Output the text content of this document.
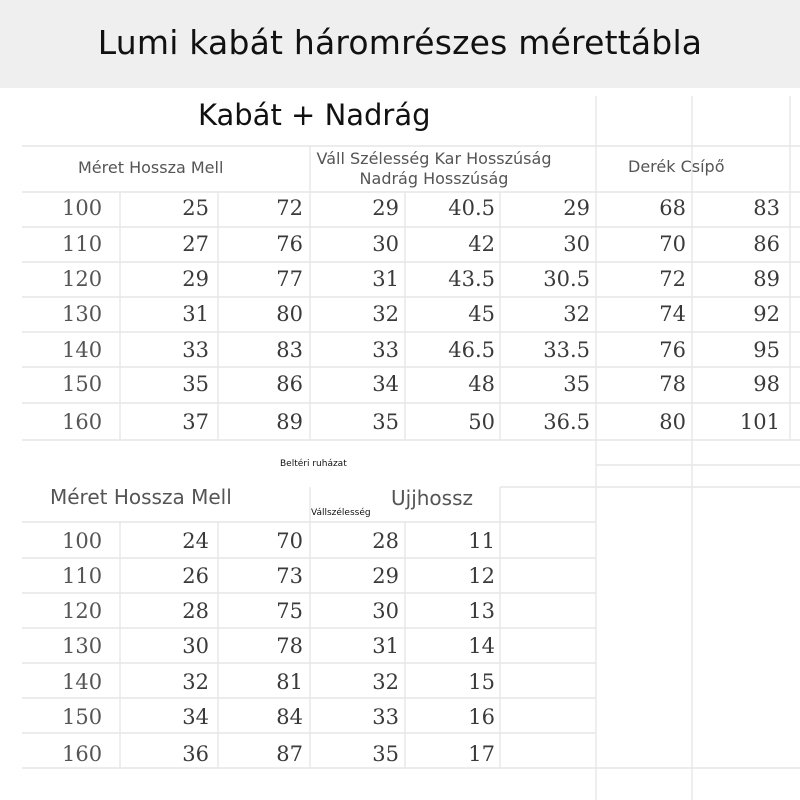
Lumi kabát háromrészes mérettábla
Kabát + Nadrág
Méret Hossza Mell	Váll Szélesség Kar Hosszúság
Nadrág Hosszúság
Derék Csípő
100	25	72	29	40.5	29	68	83
110	27	76	30	42	30	70	86
120	29	77	31	43.5	30.5	72	89
130	31	80	32	45	32	74	92
140	33	83	33	46.5	33.5	76	95
150	35	86	34	48	35	78	98
160	37	89	35	50	36.5	80	101
Beltéri ruházat
Méret Hossza Mell
Vállszélesség
Ujjhossz
100	24	70	28	11
110	26	73	29	12
120	28	75	30	13
130	30	78	31	14
140	32	81	32	15
150	34	84	33	16
160	36	87	35	17
